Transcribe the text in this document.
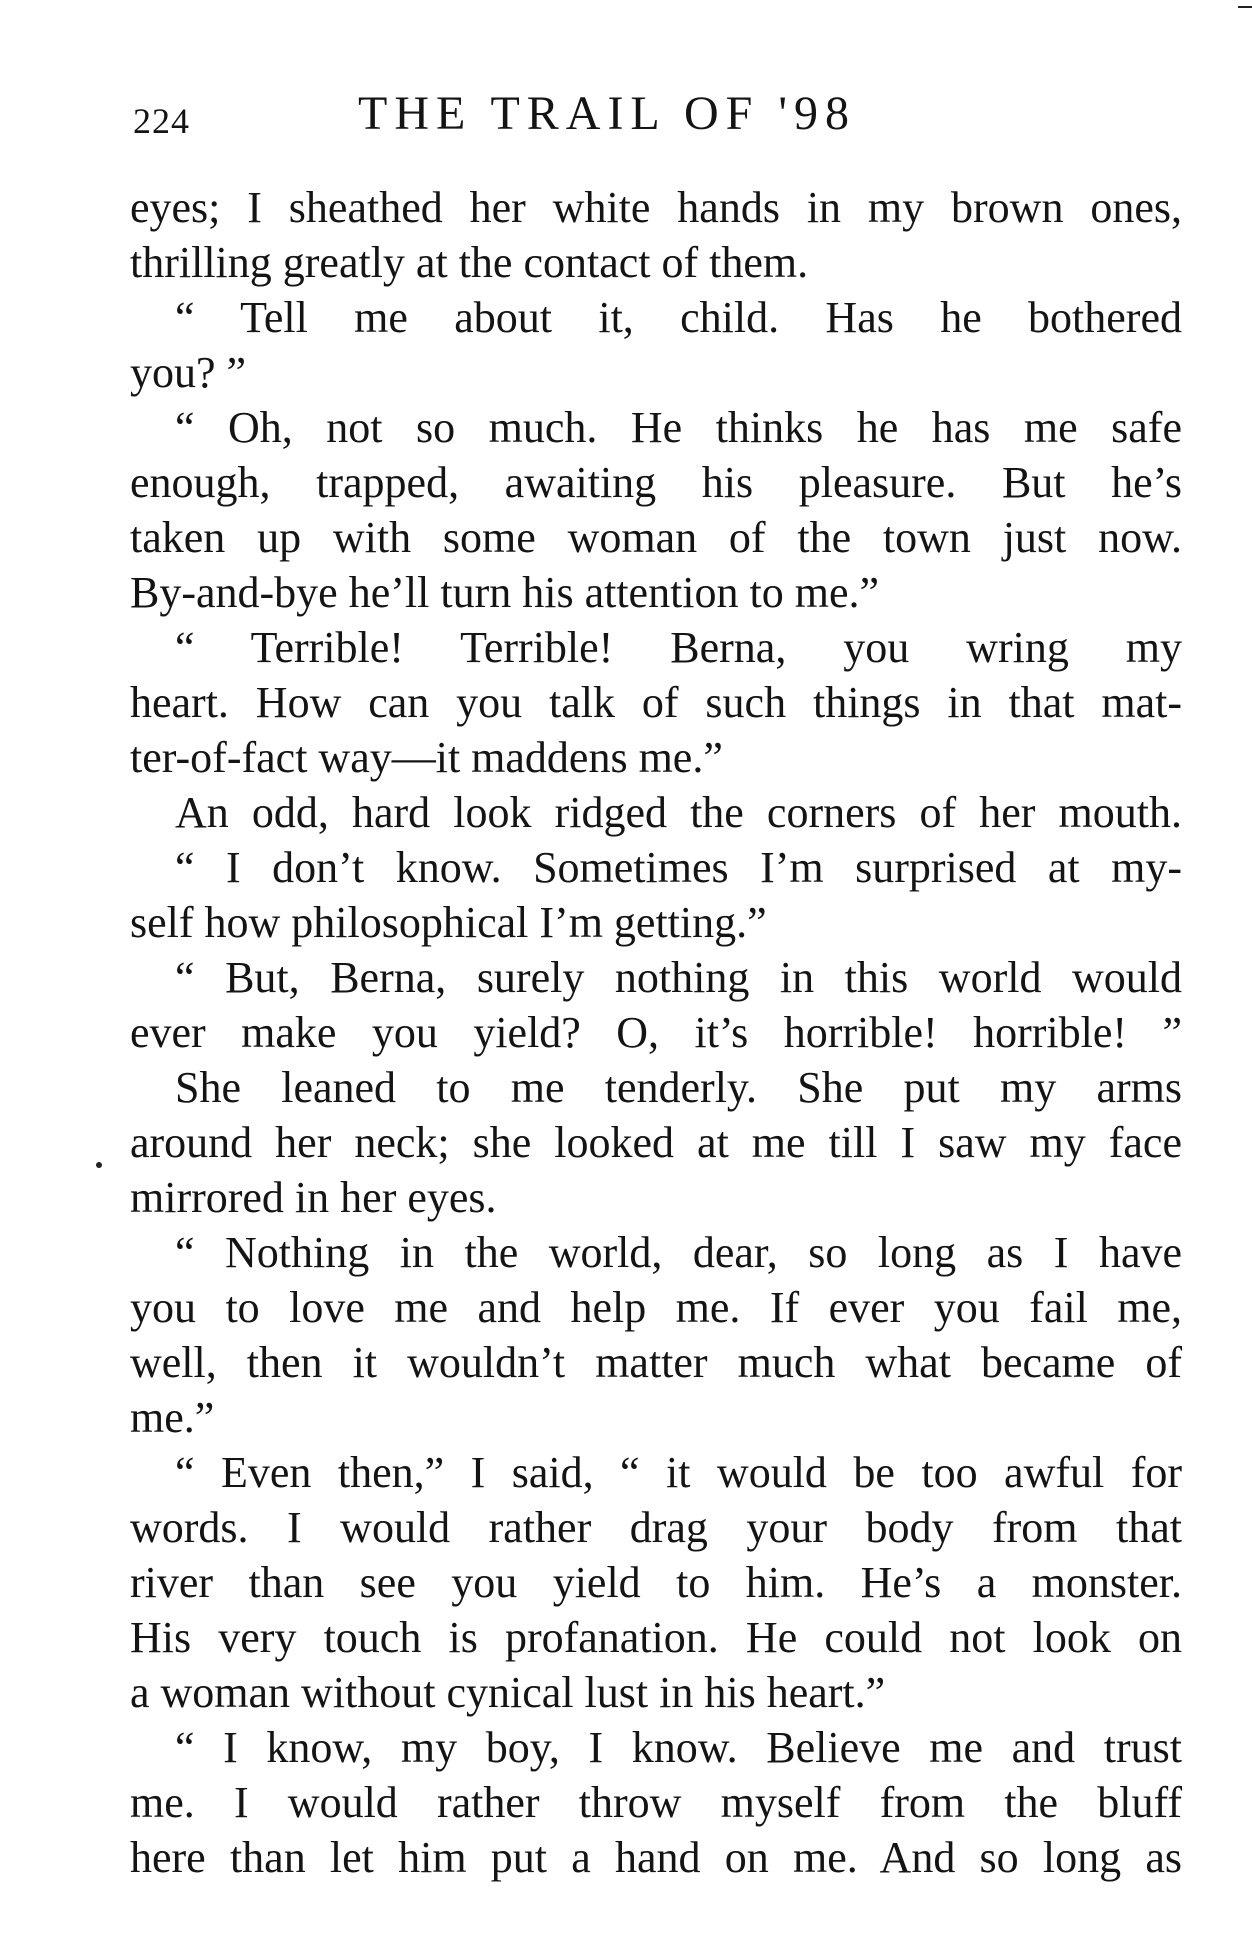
224	THE TRAIL OF '98
eyes; I sheathed her white hands in my brown ones,
thrilling greatly at the contact of them.
“ Tell me about it, child. Has he bothered
you? ”
“ Oh, not so much. He thinks he has me safe
enough, trapped, awaiting his pleasure. But he’s
taken up with some woman of the town just now.
By-and-bye he’ll turn his attention to me.”
“ Terrible! Terrible! Berna, you wring my
heart. How can you talk of such things in that mat-
ter-of-fact way—it maddens me.”
An odd, hard look ridged the corners of her mouth.
“ I don’t know. Sometimes I’m surprised at my-
self how philosophical I’m getting.”
“ But, Berna, surely nothing in this world would
ever make you yield? O, it’s horrible! horrible! ”
She leaned to me tenderly. She put my arms
around her neck; she looked at me till I saw my face
mirrored in her eyes.
“ Nothing in the world, dear, so long as I have
you to love me and help me. If ever you fail me,
well, then it wouldn’t matter much what became of
me.”
“ Even then,” I said, “ it would be too awful for
words. I would rather drag your body from that
river than see you yield to him. He’s a monster.
His very touch is profanation. He could not look on
a woman without cynical lust in his heart.”
“ I know, my boy, I know. Believe me and trust
me. I would rather throw myself from the bluff
here than let him put a hand on me. And so long as
